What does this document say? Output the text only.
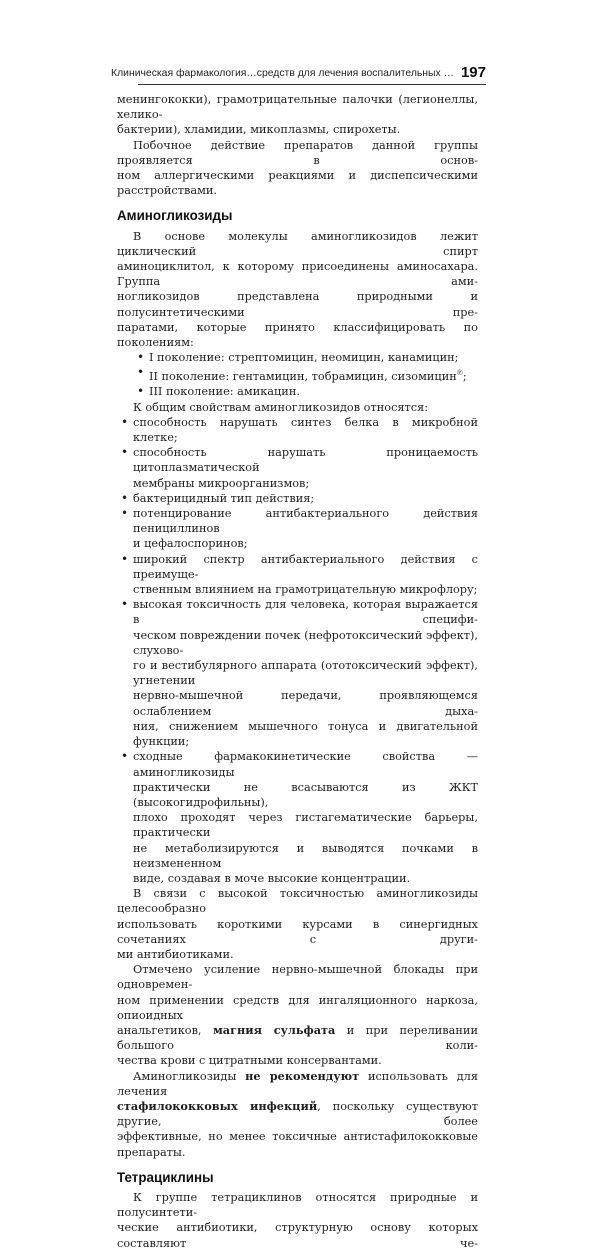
Клиническая фармакология…средств для лечения воспалительных … 197

менингококки), грамотрицательные палочки (легионеллы, хелико-
бактерии), хламидии, микоплазмы, спирохеты.

Побочное действие препаратов данной группы проявляется в основ-
ном аллергическими реакциями и диспепсическими расстройствами.

Аминогликозиды

В основе молекулы аминогликозидов лежит циклический спирт
аминоциклитол, к которому присоединены аминосахара. Группа ами-
ногликозидов представлена природными и полусинтетическими пре-
паратами, которые принято классифицировать по поколениям:

• I поколение: стрептомицин, неомицин, канамицин;
• II поколение: гентамицин, тобрамицин, сизомицин℗;
• III поколение: амикацин.

К общим свойствам аминогликозидов относятся:

• способность нарушать синтез белка в микробной клетке;
• способность нарушать проницаемость цитоплазматической
мембраны микроорганизмов;
• бактерицидный тип действия;
• потенцирование антибактериального действия пенициллинов
и цефалоспоринов;
• широкий спектр антибактериального действия с преимуще-
ственным влиянием на грамотрицательную микрофлору;
• высокая токсичность для человека, которая выражается в специфи-
ческом повреждении почек (нефротоксический эффект), слухово-
го и вестибулярного аппарата (ототоксический эффект), угнетении
нервно-мышечной передачи, проявляющемся ослаблением дыха-
ния, снижением мышечного тонуса и двигательной функции;
• сходные фармакокинетические свойства — аминогликозиды
практически не всасываются из ЖКТ (высокогидрофильны),
плохо проходят через гистагематические барьеры, практически
не метаболизируются и выводятся почками в неизмененном
виде, создавая в моче высокие концентрации.

В связи с высокой токсичностью аминогликозиды целесообразно
использовать короткими курсами в синергидных сочетаниях с други-
ми антибиотиками.

Отмечено усиление нервно-мышечной блокады при одновремен-
ном применении средств для ингаляционного наркоза, опиоидных
анальгетиков, магния сульфата и при переливании большого коли-
чества крови с цитратными консервантами.

Аминогликозиды не рекомендуют использовать для лечения
стафилококковых инфекций, поскольку существуют другие, более
эффективные, но менее токсичные антистафилококковые препараты.

Тетрациклины

К группе тетрациклинов относятся природные и полусинтети-
ческие антибиотики, структурную основу которых составляют че-
